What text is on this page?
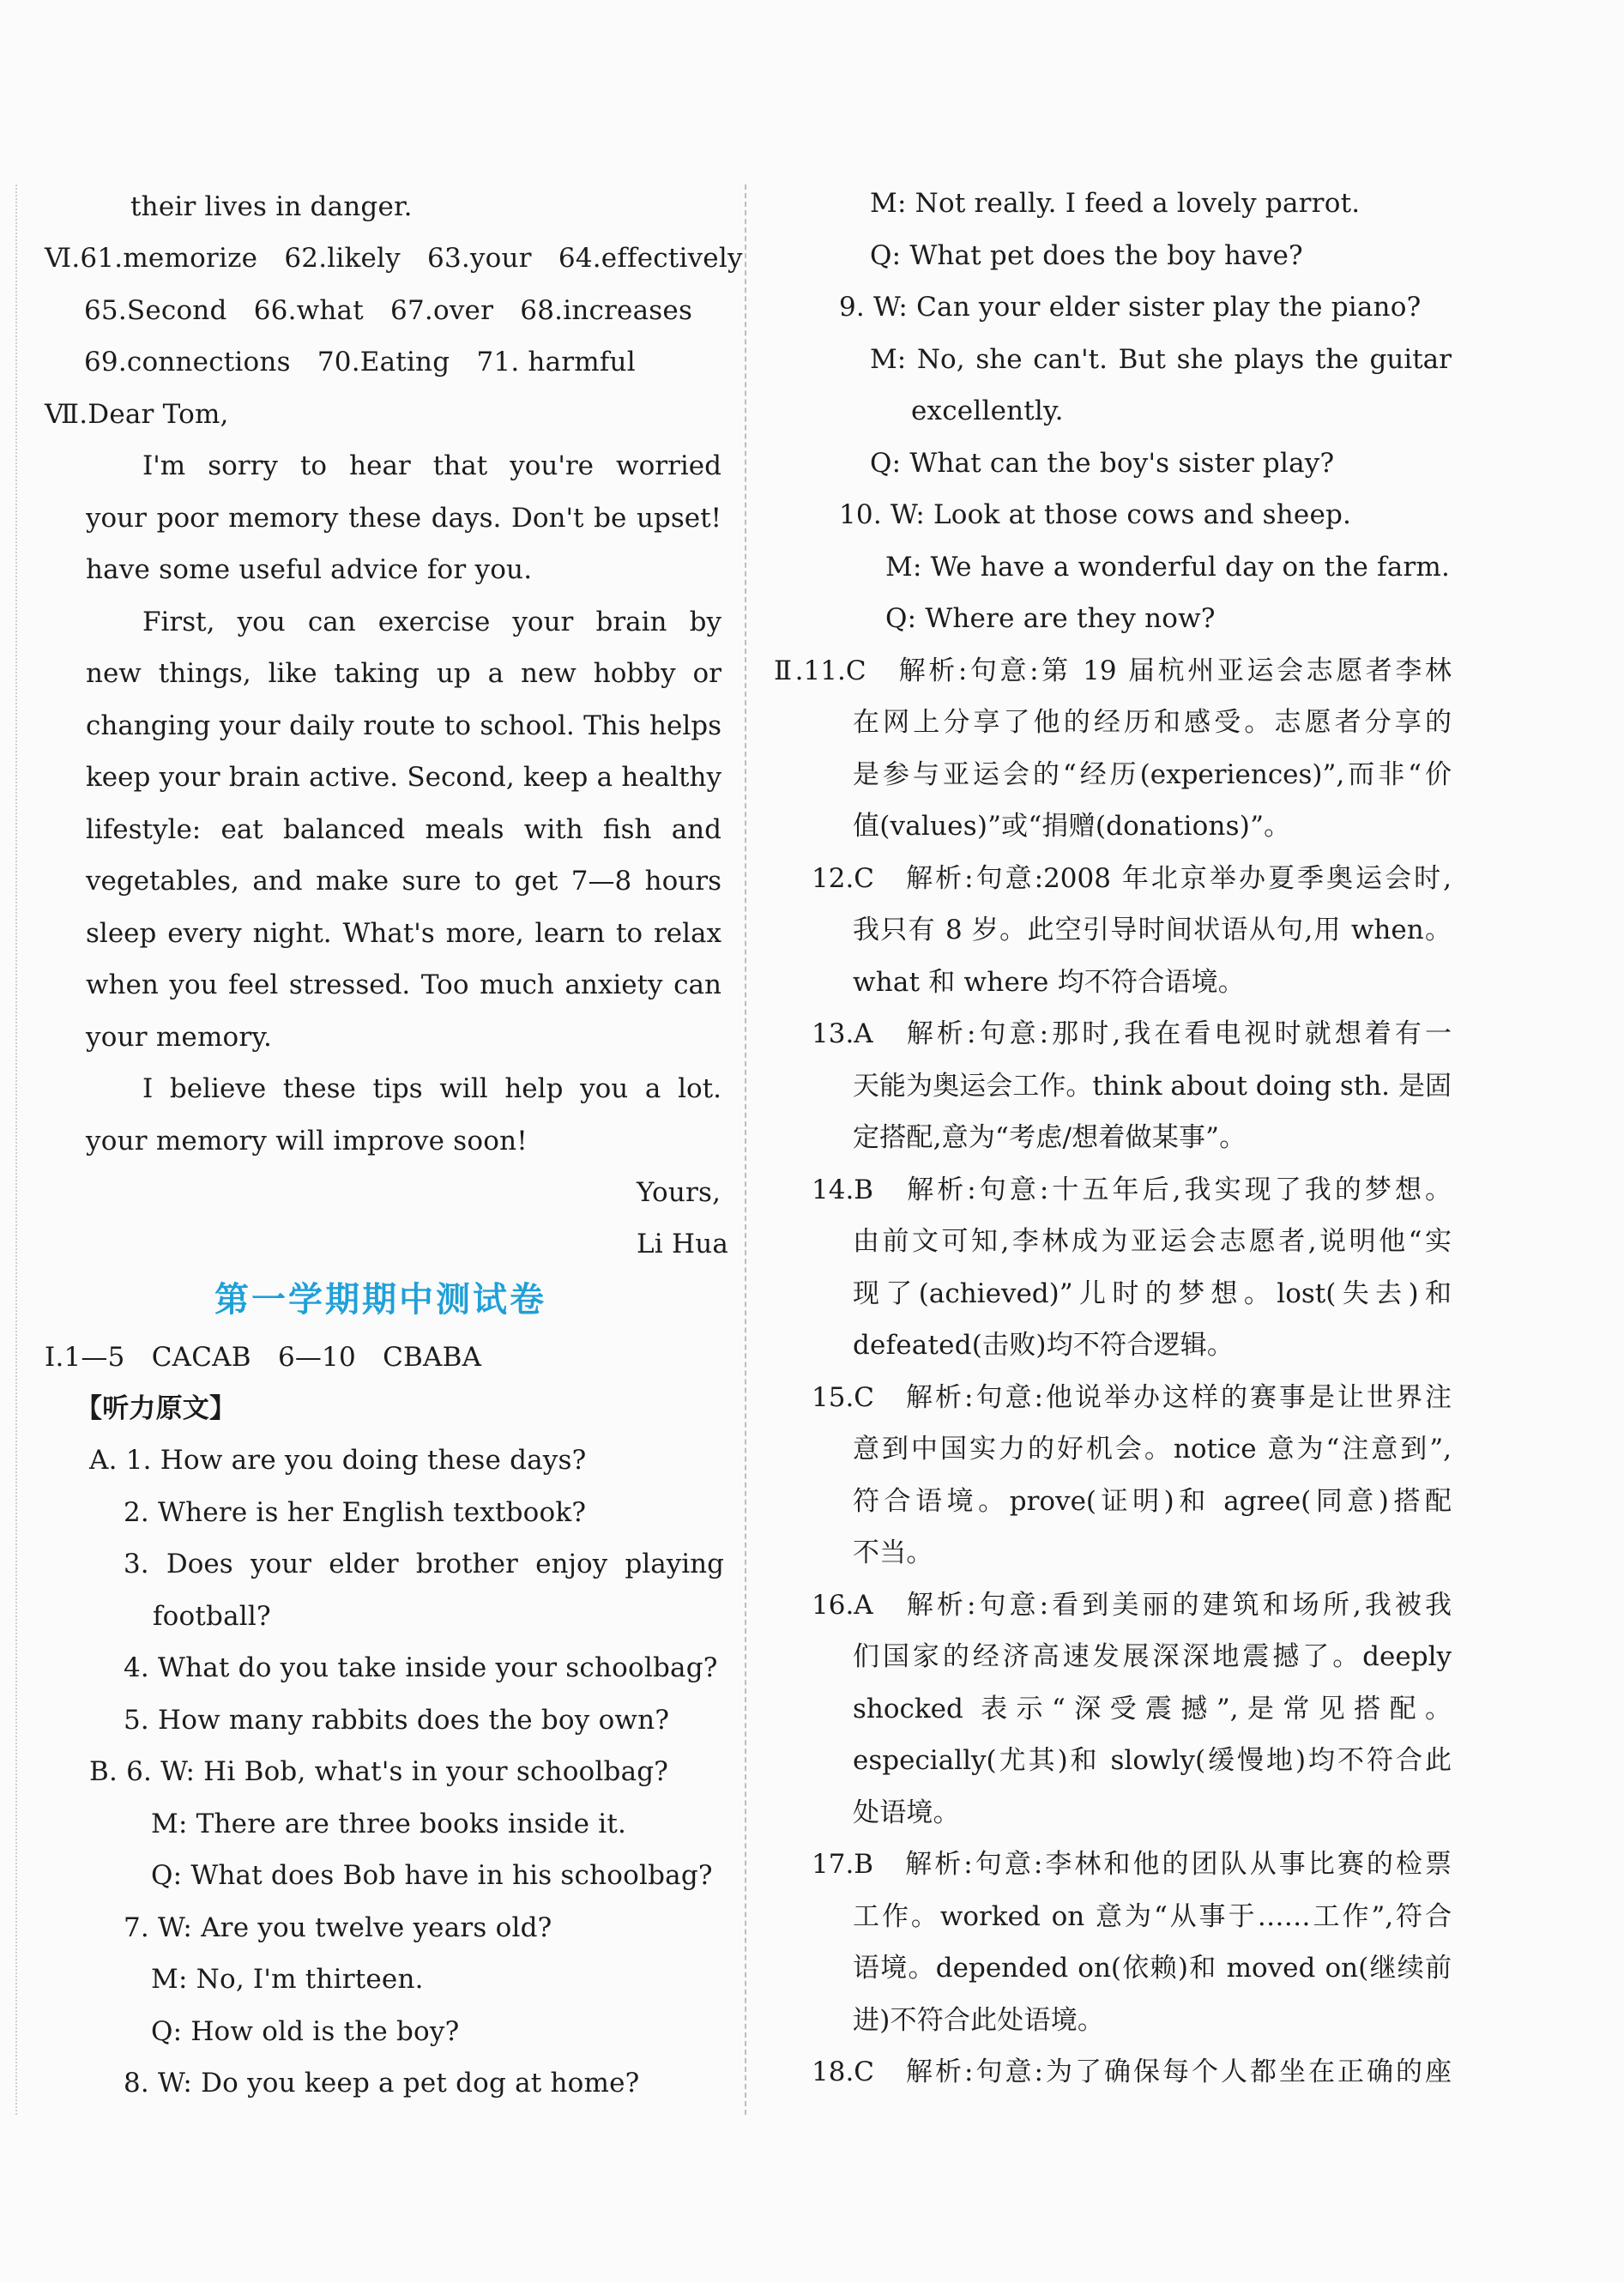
their lives in danger.
Ⅵ.61.memorize　62.likely　63.your　64.effectively
65.Second　66.what　67.over　68.increases
69.connections　70.Eating　71. harmful
Ⅶ.Dear Tom,
I'm sorry to hear that you're worried
your poor memory these days. Don't be upset!
have some useful advice for you.
First, you can exercise your brain by
new things, like taking up a new hobby or
changing your daily route to school. This helps
keep your brain active. Second, keep a healthy
lifestyle: eat balanced meals with fish and
vegetables, and make sure to get 7—8 hours
sleep every night. What's more, learn to relax
when you feel stressed. Too much anxiety can
your memory.
I believe these tips will help you a lot.
your memory will improve soon!
Yours,
Li Hua
第一学期期中测试卷
Ⅰ.1—5　CACAB　6—10　CBABA
【听力原文】
A. 1. How are you doing these days?
2. Where is her English textbook?
3. Does your elder brother enjoy playing
football?
4. What do you take inside your schoolbag?
5. How many rabbits does the boy own?
B. 6. W: Hi Bob, what's in your schoolbag?
M: There are three books inside it.
Q: What does Bob have in his schoolbag?
7. W: Are you twelve years old?
M: No, I'm thirteen.
Q: How old is the boy?
8. W: Do you keep a pet dog at home?
M: Not really. I feed a lovely parrot.
Q: What pet does the boy have?
9. W: Can your elder sister play the piano?
M: No, she can't. But she plays the guitar
excellently.
Q: What can the boy's sister play?
10. W: Look at those cows and sheep.
M: We have a wonderful day on the farm.
Q: Where are they now?
Ⅱ.11.C　解析:句意:第 19 届杭州亚运会志愿者李林
在网上分享了他的经历和感受。志愿者分享的
是参与亚运会的“经历(experiences)”,而非“价
值(values)”或“捐赠(donations)”。
12.C　解析:句意:2008 年北京举办夏季奥运会时,
我只有 8 岁。此空引导时间状语从句,用 when。
what 和 where 均不符合语境。
13.A　解析:句意:那时,我在看电视时就想着有一
天能为奥运会工作。think about doing sth. 是固
定搭配,意为“考虑/想着做某事”。
14.B　解析:句意:十五年后,我实现了我的梦想。
由前文可知,李林成为亚运会志愿者,说明他“实
现了(achieved)”儿时的梦想。lost(失去)和
defeated(击败)均不符合逻辑。
15.C　解析:句意:他说举办这样的赛事是让世界注
意到中国实力的好机会。notice 意为“注意到”,
符合语境。prove(证明)和 agree(同意)搭配
不当。
16.A　解析:句意:看到美丽的建筑和场所,我被我
们国家的经济高速发展深深地震撼了。deeply
shocked 表示“深受震撼”,是常见搭配。
especially(尤其)和 slowly(缓慢地)均不符合此
处语境。
17.B　解析:句意:李林和他的团队从事比赛的检票
工作。worked on 意为“从事于……工作”,符合
语境。depended on(依赖)和 moved on(继续前
进)不符合此处语境。
18.C　解析:句意:为了确保每个人都坐在正确的座
